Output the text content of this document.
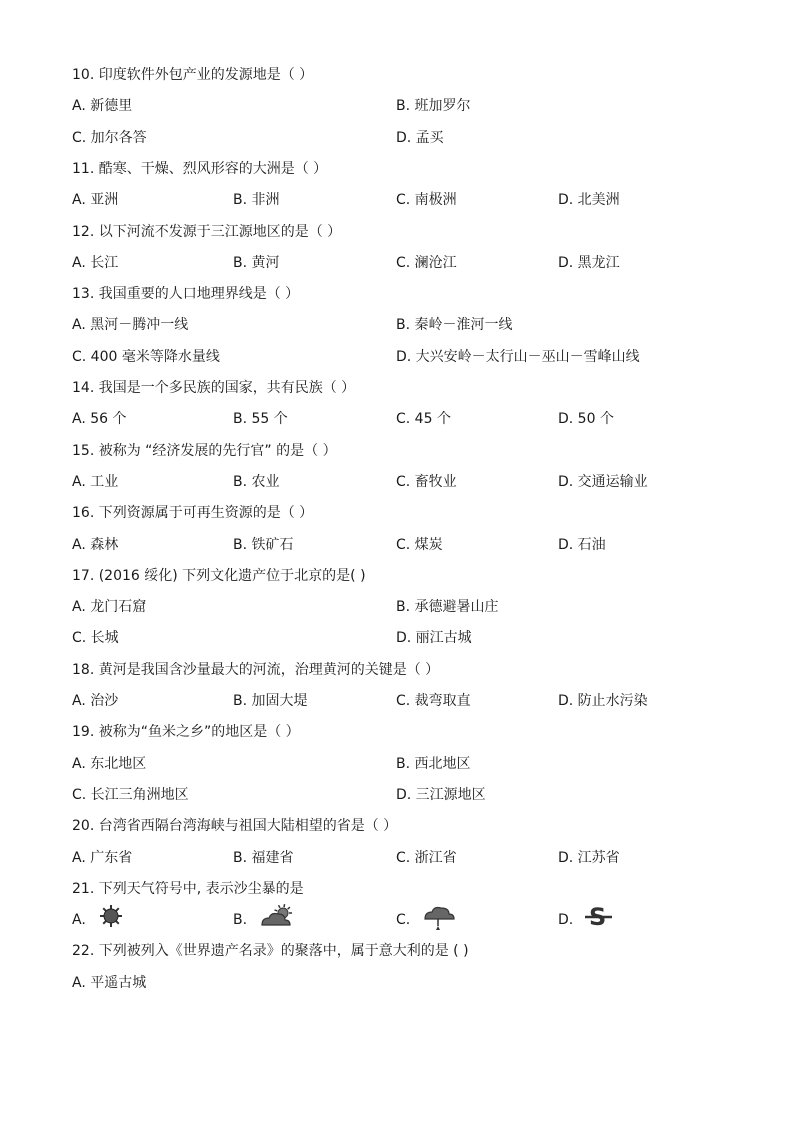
10. 印度软件外包产业的发源地是（ ）
A. 新德里	B. 班加罗尔
C. 加尔各答	D. 孟买
11. 酷寒、干燥、烈风形容的大洲是（ ）
A. 亚洲	B. 非洲	C. 南极洲	D. 北美洲
12. 以下河流不发源于三江源地区的是（ ）
A. 长江	B. 黄河	C. 澜沧江	D. 黑龙江
13. 我国重要的人口地理界线是（ ）
A. 黑河－腾冲一线	B. 秦岭－淮河一线
C. 400 毫米等降水量线	D. 大兴安岭－太行山－巫山－雪峰山线
14. 我国是一个多民族的国家，共有民族（ ）
A. 56 个	B. 55 个	C. 45 个	D. 50 个
15. 被称为 “经济发展的先行官” 的是（ ）
A. 工业	B. 农业	C. 畜牧业	D. 交通运输业
16. 下列资源属于可再生资源的是（ ）
A. 森林	B. 铁矿石	C. 煤炭	D. 石油
17. (2016 绥化) 下列文化遗产位于北京的是( )
A. 龙门石窟	B. 承德避暑山庄
C. 长城	D. 丽江古城
18. 黄河是我国含沙量最大的河流，治理黄河的关键是（ ）
A. 治沙	B. 加固大堤	C. 裁弯取直	D. 防止水污染
19. 被称为“鱼米之乡”的地区是（ ）
A. 东北地区	B. 西北地区
C. 长江三角洲地区	D. 三江源地区
20. 台湾省西隔台湾海峡与祖国大陆相望的省是（ ）
A. 广东省	B. 福建省	C. 浙江省	D. 江苏省
21. 下列天气符号中, 表示沙尘暴的是
A.	B.	C.	D. S
22. 下列被列入《世界遗产名录》的聚落中，属于意大利的是 ( )
A. 平遥古城
